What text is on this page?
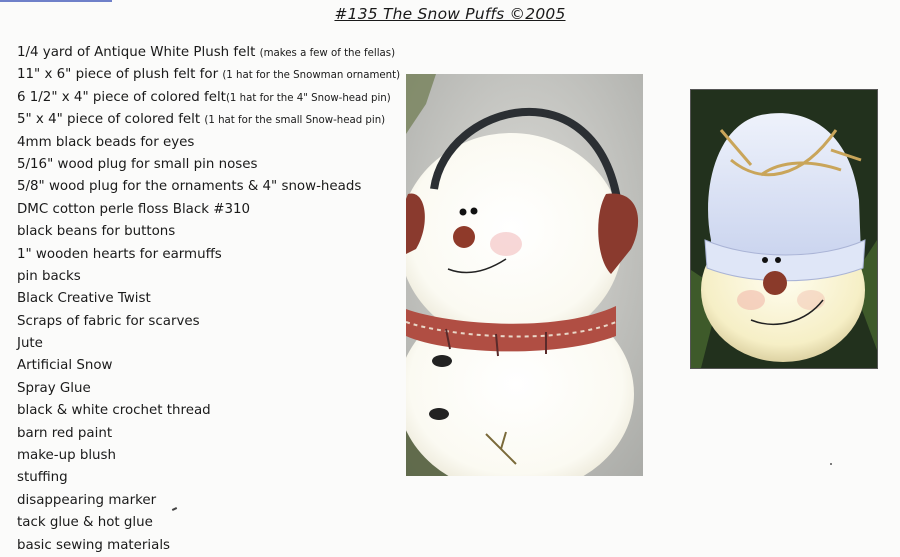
#135 The Snow Puffs ©2005
1/4 yard of Antique White Plush felt (makes a few of the fellas)
11" x 6" piece of plush felt for (1 hat for the Snowman ornament)
6 1/2" x 4" piece of colored felt(1 hat for the 4" Snow-head pin)
5" x 4" piece of colored felt (1 hat for the small Snow-head pin)
4mm black beads for eyes
5/16" wood plug for small pin noses
5/8" wood plug for the ornaments & 4" snow-heads
DMC cotton perle floss Black #310
black beans for buttons
1" wooden hearts for earmuffs
pin backs
Black Creative Twist
Scraps of fabric for scarves
Jute
Artificial Snow
Spray Glue
black & white crochet thread
barn red paint
make-up blush
stuffing
disappearing marker
tack glue & hot glue
basic sewing materials
